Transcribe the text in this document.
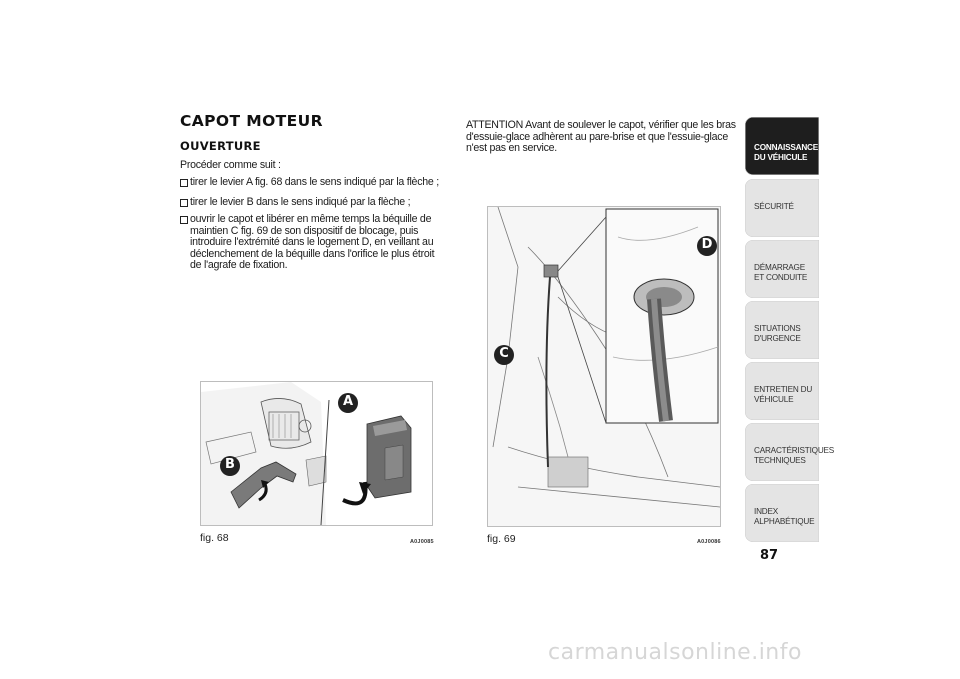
CAPOT MOTEUR
OUVERTURE
Procéder comme suit :
tirer le levier A fig. 68 dans le sens indiqué par la flèche ;
tirer le levier B dans le sens indiqué par la flèche ;
ouvrir le capot et libérer en même temps la béquille de maintien C fig. 69 de son dispositif de blocage, puis introduire l'extrémité dans le logement D, en veillant au déclenchement de la béquille dans l'orifice le plus étroit de l'agrafe de fixation.
ATTENTION Avant de soulever le capot, vérifier que les bras d'essuie-glace adhèrent au pare-brise et que l'essuie-glace n'est pas en service.
A
B
fig. 68	A0J0085
D
C
fig. 69	A0J0086
CONNAISSANCE DU VÉHICULE
SÉCURITÉ
DÉMARRAGE ET CONDUITE
SITUATIONS D'URGENCE
ENTRETIEN DU VÉHICULE
CARACTÉRISTIQUES TECHNIQUES
INDEX ALPHABÉTIQUE
87
carmanualsonline.info
